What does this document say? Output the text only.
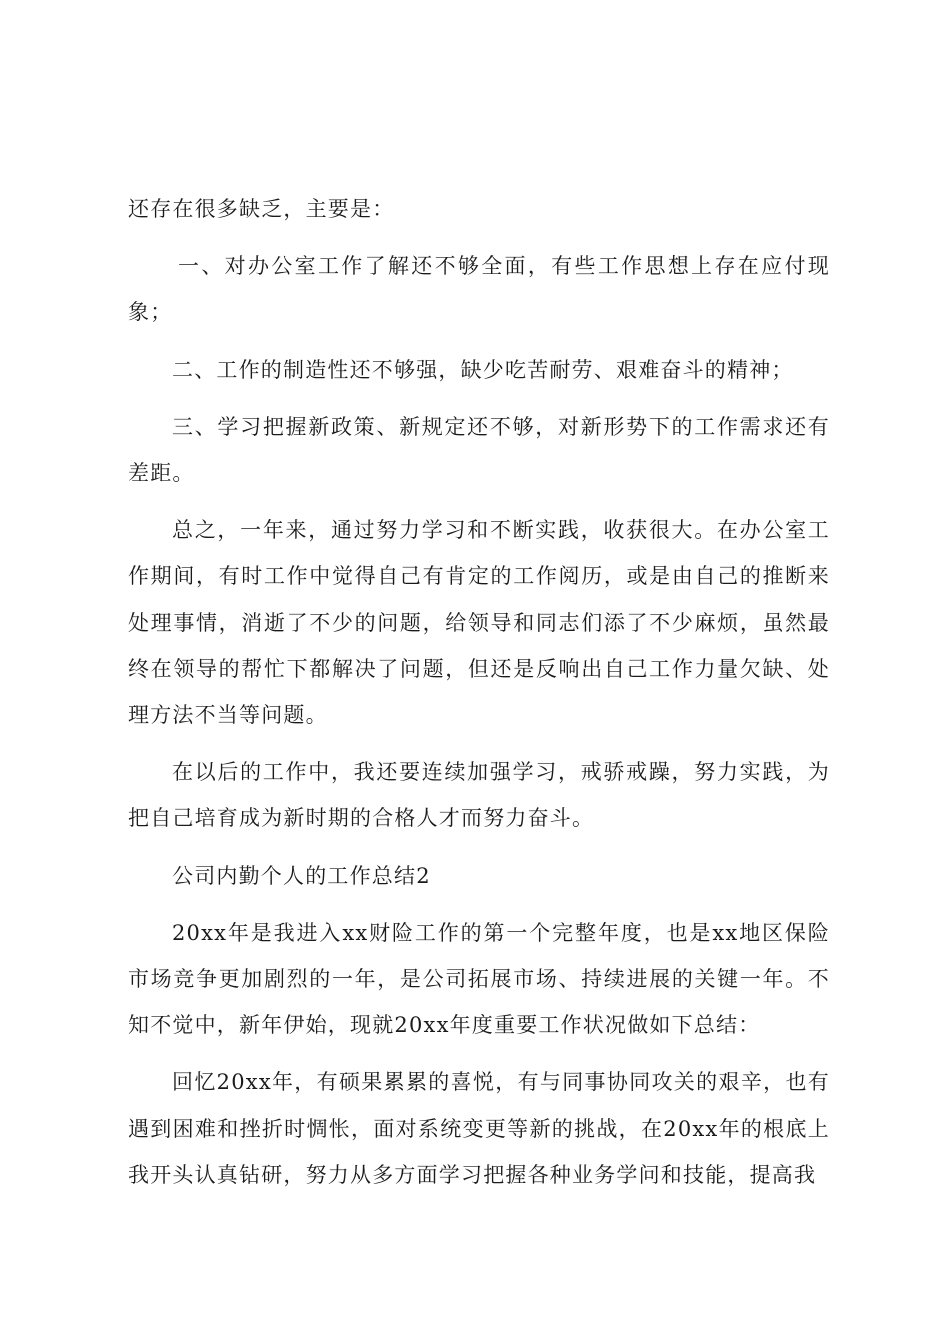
还存在很多缺乏，主要是：

一、对办公室工作了解还不够全面，有些工作思想上存在应付现象；

二、工作的制造性还不够强，缺少吃苦耐劳、艰难奋斗的精神；

三、学习把握新政策、新规定还不够，对新形势下的工作需求还有差距。

总之，一年来，通过努力学习和不断实践，收获很大。在办公室工作期间，有时工作中觉得自己有肯定的工作阅历，或是由自己的推断来处理事情，消逝了不少的问题，给领导和同志们添了不少麻烦，虽然最终在领导的帮忙下都解决了问题，但还是反响出自己工作力量欠缺、处理方法不当等问题。

在以后的工作中，我还要连续加强学习，戒骄戒躁，努力实践，为把自己培育成为新时期的合格人才而努力奋斗。

公司内勤个人的工作总结2

20xx年是我进入xx财险工作的第一个完整年度，也是xx地区保险市场竞争更加剧烈的一年，是公司拓展市场、持续进展的关键一年。不知不觉中，新年伊始，现就20xx年度重要工作状况做如下总结：

回忆20xx年，有硕果累累的喜悦，有与同事协同攻关的艰辛，也有遇到困难和挫折时惆怅，面对系统变更等新的挑战，在20xx年的根底上我开头认真钻研，努力从多方面学习把握各种业务学问和技能，提高我
